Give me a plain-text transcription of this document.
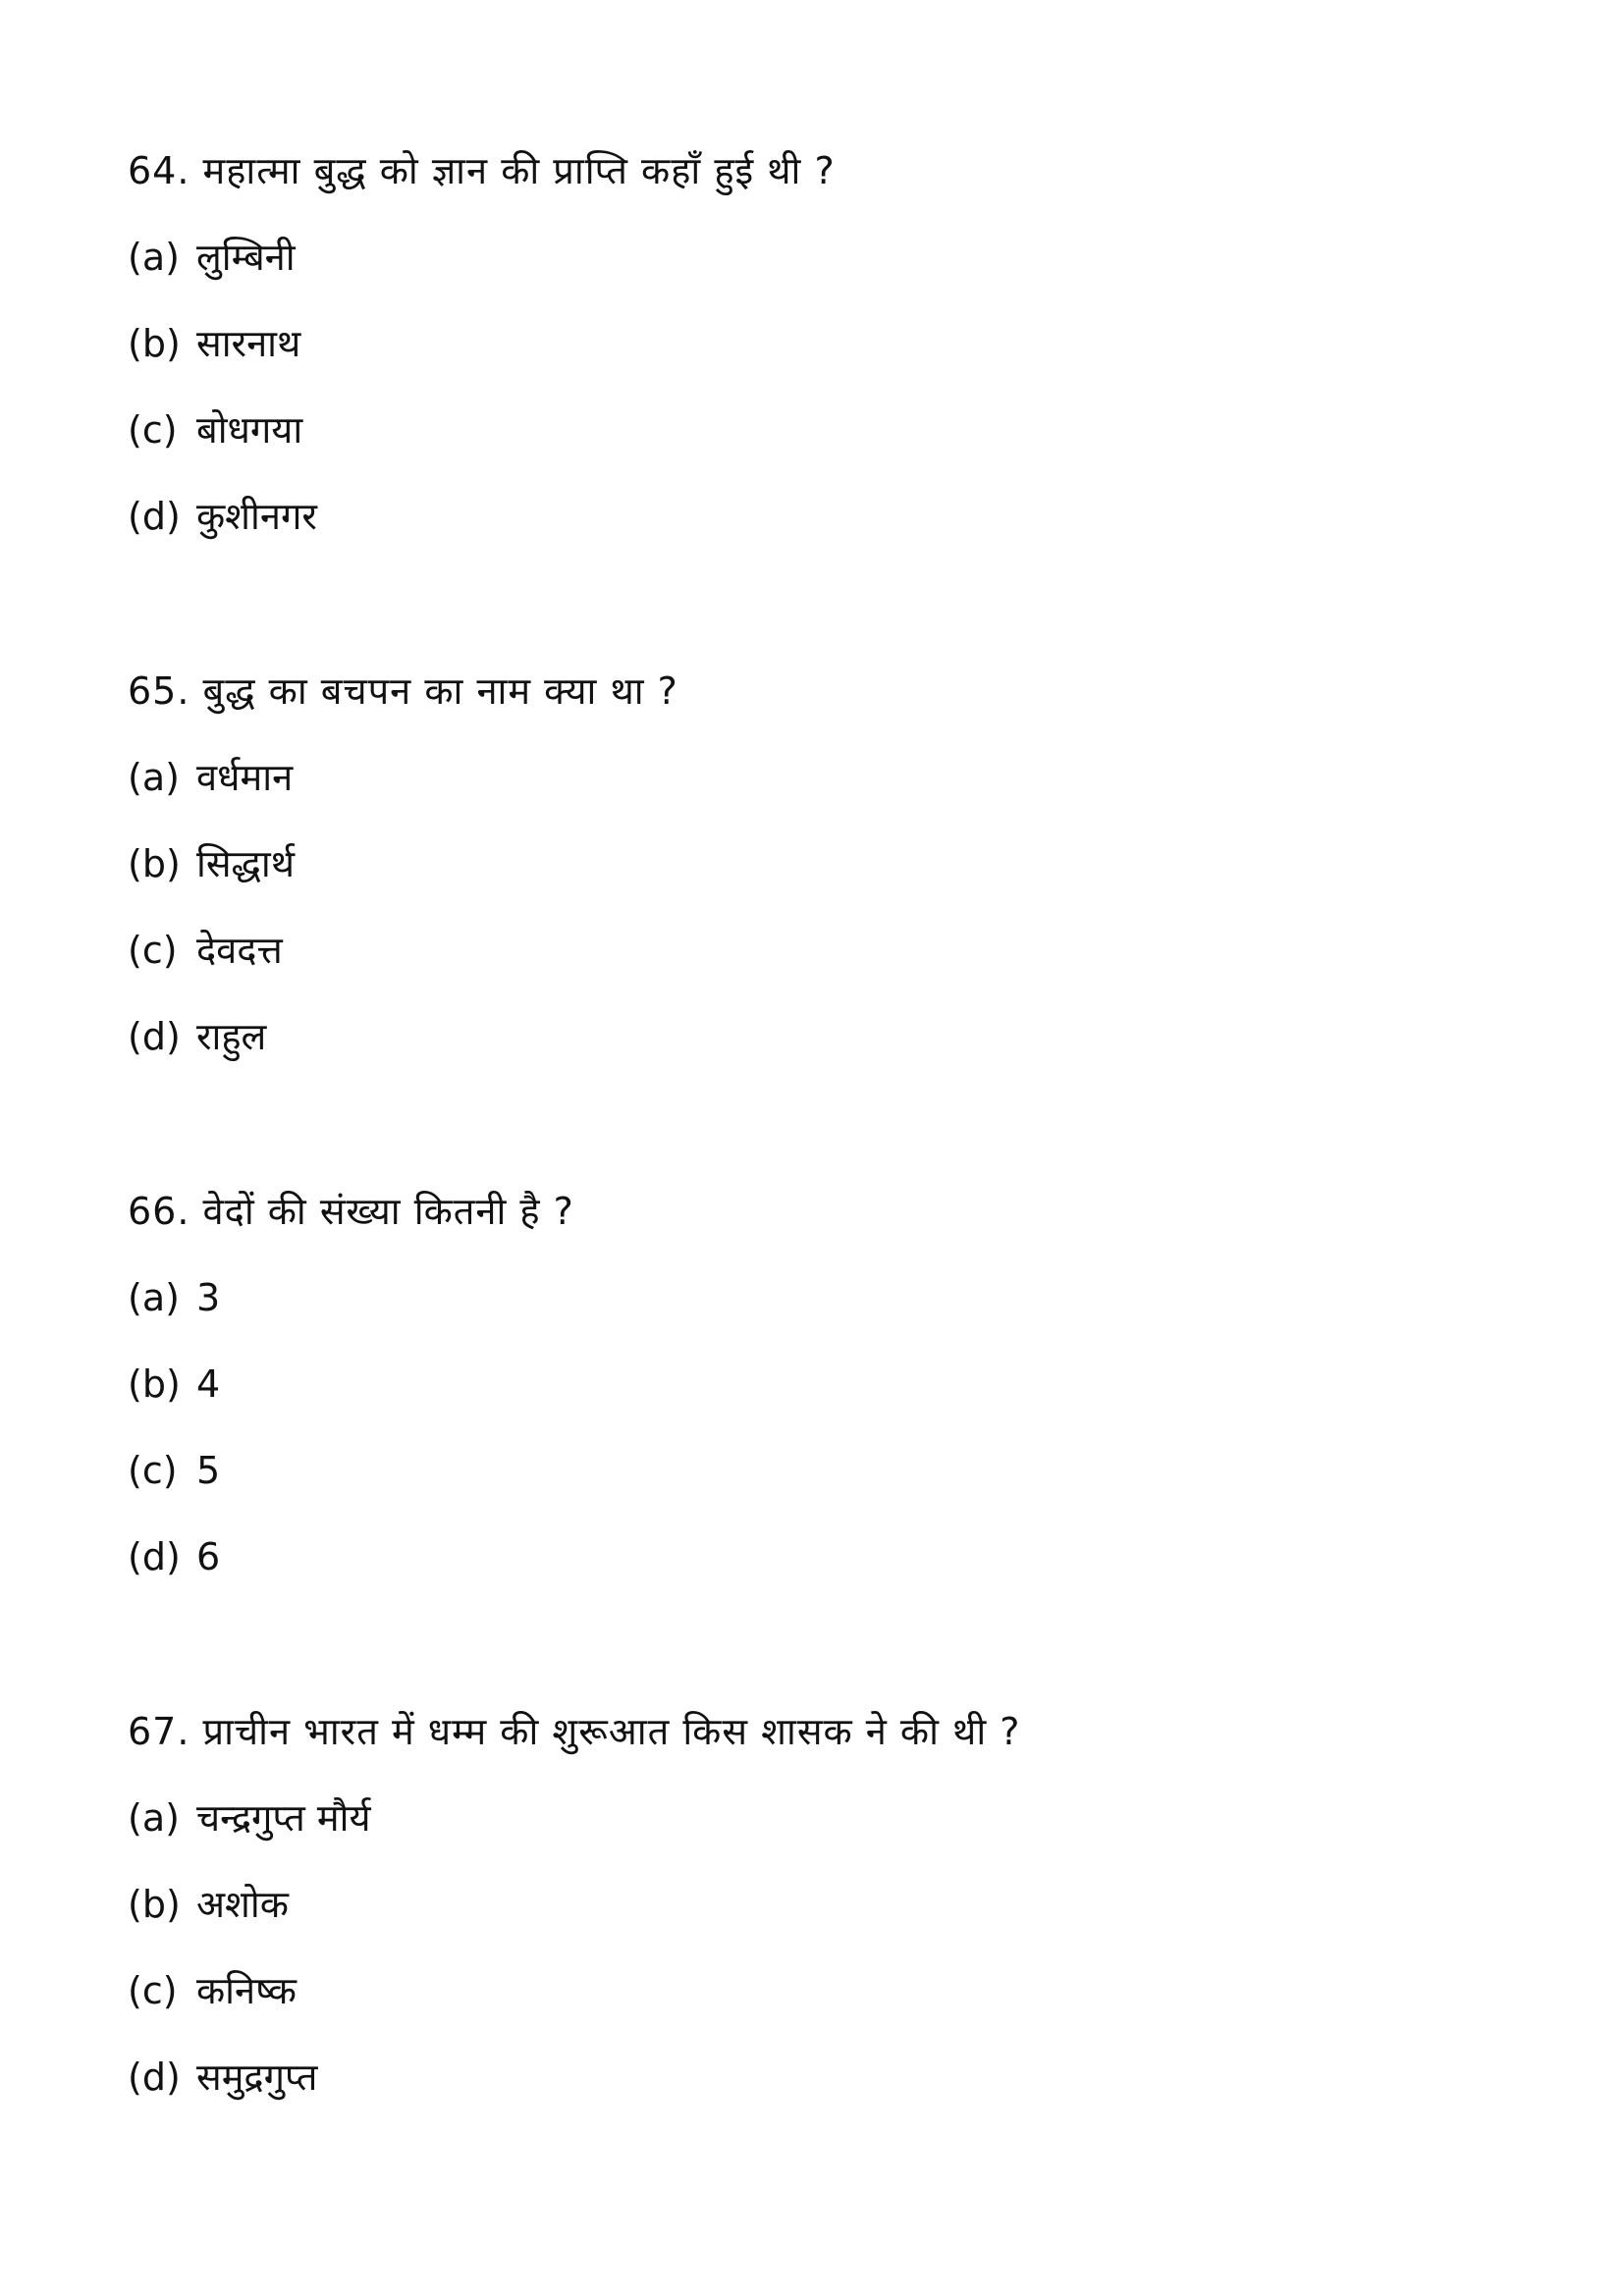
64. महात्मा बुद्ध को ज्ञान की प्राप्ति कहाँ हुई थी ?
(a) लुम्बिनी
(b) सारनाथ
(c) बोधगया
(d) कुशीनगर
65. बुद्ध का बचपन का नाम क्या था ?
(a) वर्धमान
(b) सिद्धार्थ
(c) देवदत्त
(d) राहुल
66. वेदों की संख्या कितनी है ?
(a) 3
(b) 4
(c) 5
(d) 6
67. प्राचीन भारत में धम्म की शुरूआत किस शासक ने की थी ?
(a) चन्द्रगुप्त मौर्य
(b) अशोक
(c) कनिष्क
(d) समुद्रगुप्त
